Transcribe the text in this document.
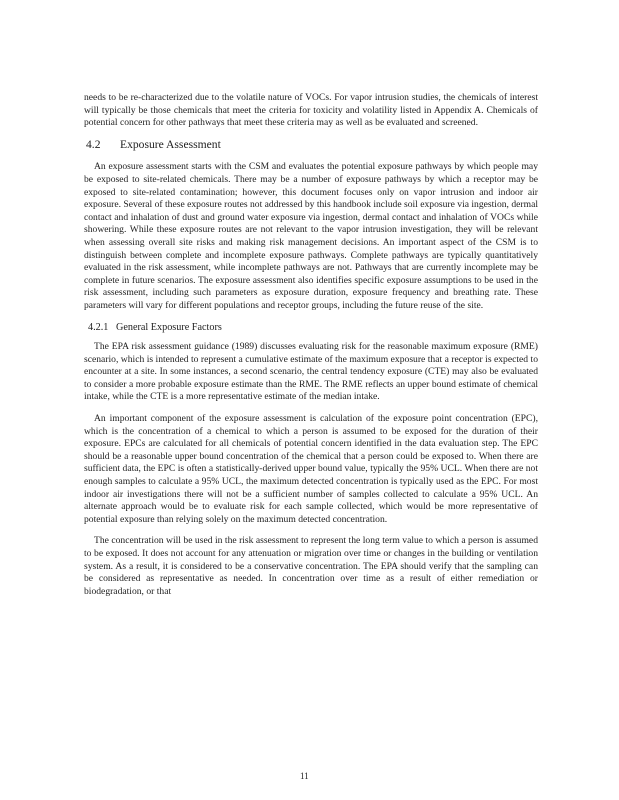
needs to be re-characterized due to the volatile nature of VOCs. For vapor intrusion studies, the chemicals of interest will typically be those chemicals that meet the criteria for toxicity and volatility listed in Appendix A. Chemicals of potential concern for other pathways that meet these criteria may as well as be evaluated and screened.

4.2 Exposure Assessment

An exposure assessment starts with the CSM and evaluates the potential exposure pathways by which people may be exposed to site-related chemicals. There may be a number of exposure pathways by which a receptor may be exposed to site-related contamination; however, this document focuses only on vapor intrusion and indoor air exposure. Several of these exposure routes not addressed by this handbook include soil exposure via ingestion, dermal contact and inhalation of dust and ground water exposure via ingestion, dermal contact and inhalation of VOCs while showering. While these exposure routes are not relevant to the vapor intrusion investigation, they will be relevant when assessing overall site risks and making risk management decisions. An important aspect of the CSM is to distinguish between complete and incomplete exposure pathways. Complete pathways are typically quantitatively evaluated in the risk assessment, while incomplete pathways are not. Pathways that are currently incomplete may be complete in future scenarios. The exposure assessment also identifies specific exposure assumptions to be used in the risk assessment, including such parameters as exposure duration, exposure frequency and breathing rate. These parameters will vary for different populations and receptor groups, including the future reuse of the site.

4.2.1 General Exposure Factors

The EPA risk assessment guidance (1989) discusses evaluating risk for the reasonable maximum exposure (RME) scenario, which is intended to represent a cumulative estimate of the maximum exposure that a receptor is expected to encounter at a site. In some instances, a second scenario, the central tendency exposure (CTE) may also be evaluated to consider a more probable exposure estimate than the RME. The RME reflects an upper bound estimate of chemical intake, while the CTE is a more representative estimate of the median intake.

An important component of the exposure assessment is calculation of the exposure point concentration (EPC), which is the concentration of a chemical to which a person is assumed to be exposed for the duration of their exposure. EPCs are calculated for all chemicals of potential concern identified in the data evaluation step. The EPC should be a reasonable upper bound concentration of the chemical that a person could be exposed to. When there are sufficient data, the EPC is often a statistically-derived upper bound value, typically the 95% UCL. When there are not enough samples to calculate a 95% UCL, the maximum detected concentration is typically used as the EPC. For most indoor air investigations there will not be a sufficient number of samples collected to calculate a 95% UCL. An alternate approach would be to evaluate risk for each sample collected, which would be more representative of potential exposure than relying solely on the maximum detected concentration.

The concentration will be used in the risk assessment to represent the long term value to which a person is assumed to be exposed. It does not account for any attenuation or migration over time or changes in the building or ventilation system. As a result, it is considered to be a conservative concentration. The EPA should verify that the sampling can be considered as representative as needed. In concentration over time as a result of either remediation or biodegradation, or that

11
